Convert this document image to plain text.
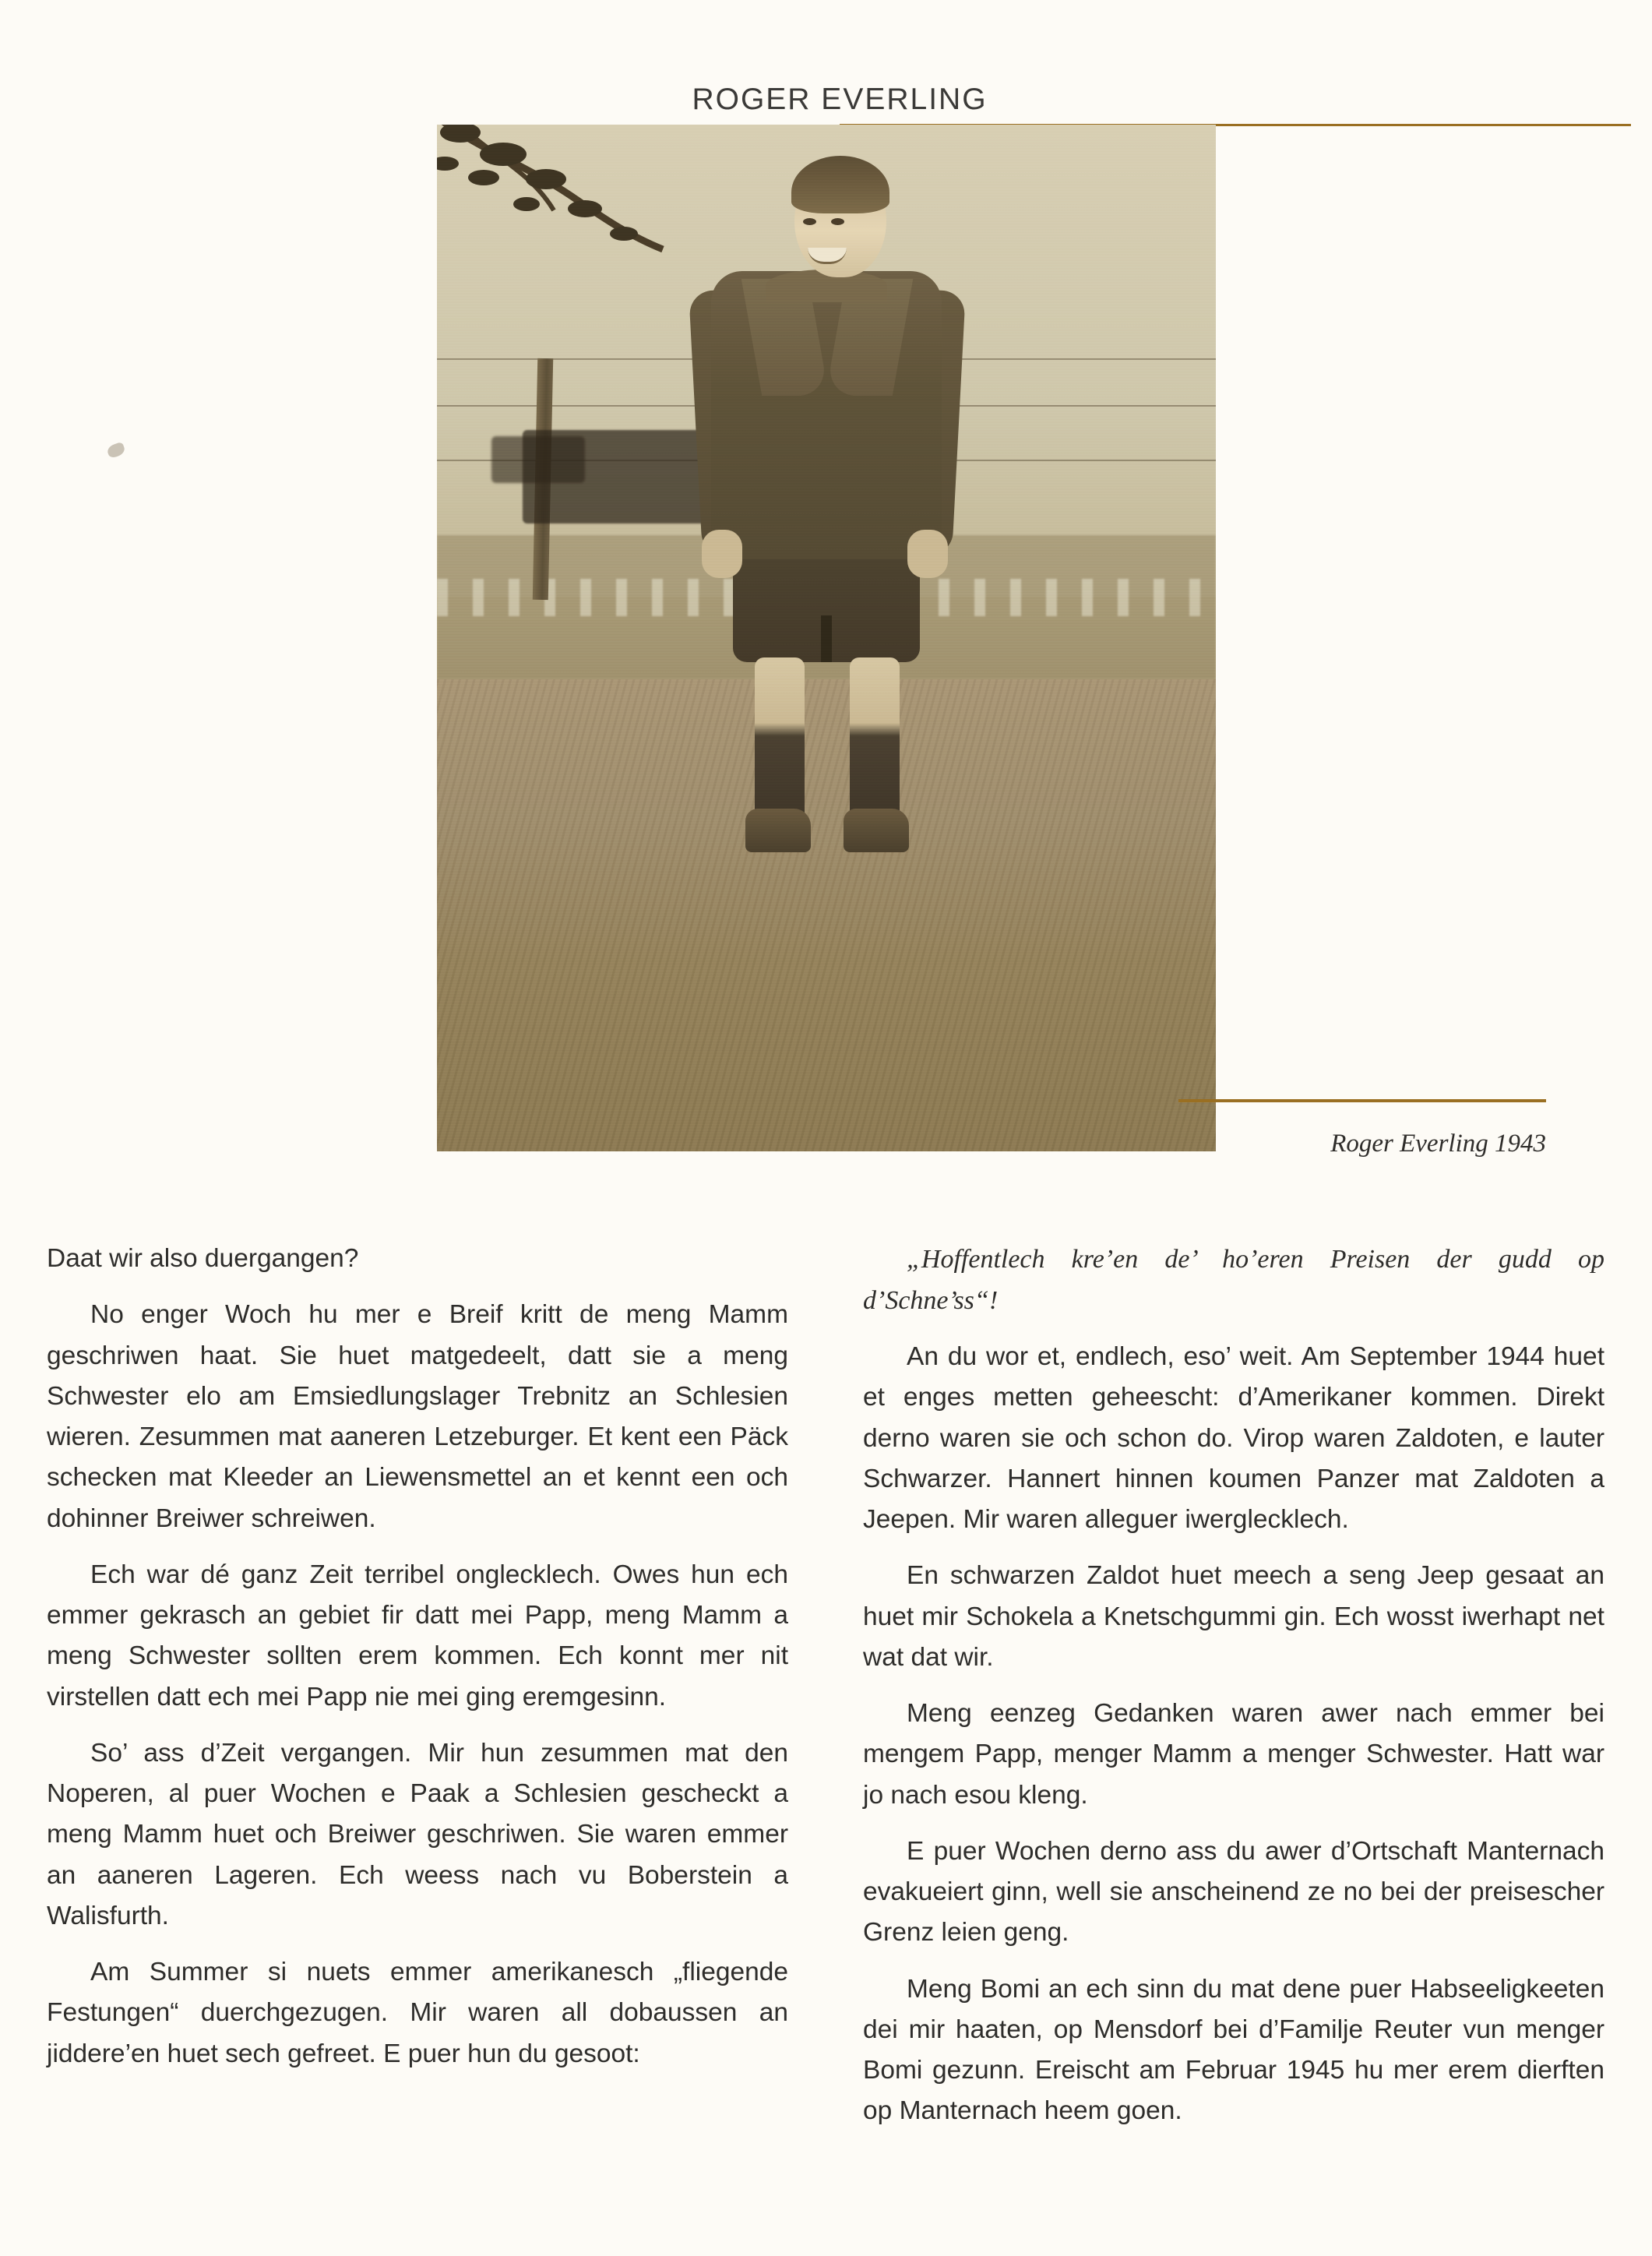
ROGER EVERLING
Roger Everling 1943

Daat wir also duergangen?

No enger Woch hu mer e Breif kritt de meng Mamm geschriwen haat. Sie huet matgedeelt, datt sie a meng Schwester elo am Emsiedlungslager Trebnitz an Schlesien wieren. Zesummen mat aaneren Letzeburger. Et kent een Päck schecken mat Kleeder an Liewensmettel an et kennt een och dohinner Breiwer schreiwen.

Ech war dé ganz Zeit terribel onglecklech. Owes hun ech emmer gekrasch an gebiet fir datt mei Papp, meng Mamm a meng Schwester sollten erem kommen. Ech konnt mer nit virstellen datt ech mei Papp nie mei ging eremgesinn.

So’ ass d’Zeit vergangen. Mir hun zesummen mat den Noperen, al puer Wochen e Paak a Schlesien gescheckt a meng Mamm huet och Breiwer geschriwen. Sie waren emmer an aaneren Lageren. Ech weess nach vu Boberstein a Walisfurth.

Am Summer si nuets emmer amerikanesch „fliegende Festungen“ duerchgezugen. Mir waren all dobaussen an jiddere’en huet sech gefreet. E puer hun du gesoot:

„Hoffentlech kre’en de’ ho’eren Preisen der gudd op d’Schne’ss“!

An du wor et, endlech, eso’ weit. Am September 1944 huet et enges metten geheescht: d’Amerikaner kommen. Direkt derno waren sie och schon do. Virop waren Zaldoten, e lauter Schwarzer. Hannert hinnen koumen Panzer mat Zaldoten a Jeepen. Mir waren alleguer iwerglecklech.

En schwarzen Zaldot huet meech a seng Jeep gesaat an huet mir Schokela a Knetschgummi gin. Ech wosst iwerhapt net wat dat wir.

Meng eenzeg Gedanken waren awer nach emmer bei mengem Papp, menger Mamm a menger Schwester. Hatt war jo nach esou kleng.

E puer Wochen derno ass du awer d’Ortschaft Manternach evakueiert ginn, well sie anscheinend ze no bei der preisescher Grenz leien geng.

Meng Bomi an ech sinn du mat dene puer Habseeligkeeten dei mir haaten, op Mensdorf bei d’Familje Reuter vun menger Bomi gezunn. Ereischt am Februar 1945 hu mer erem dierften op Manternach heem goen.
